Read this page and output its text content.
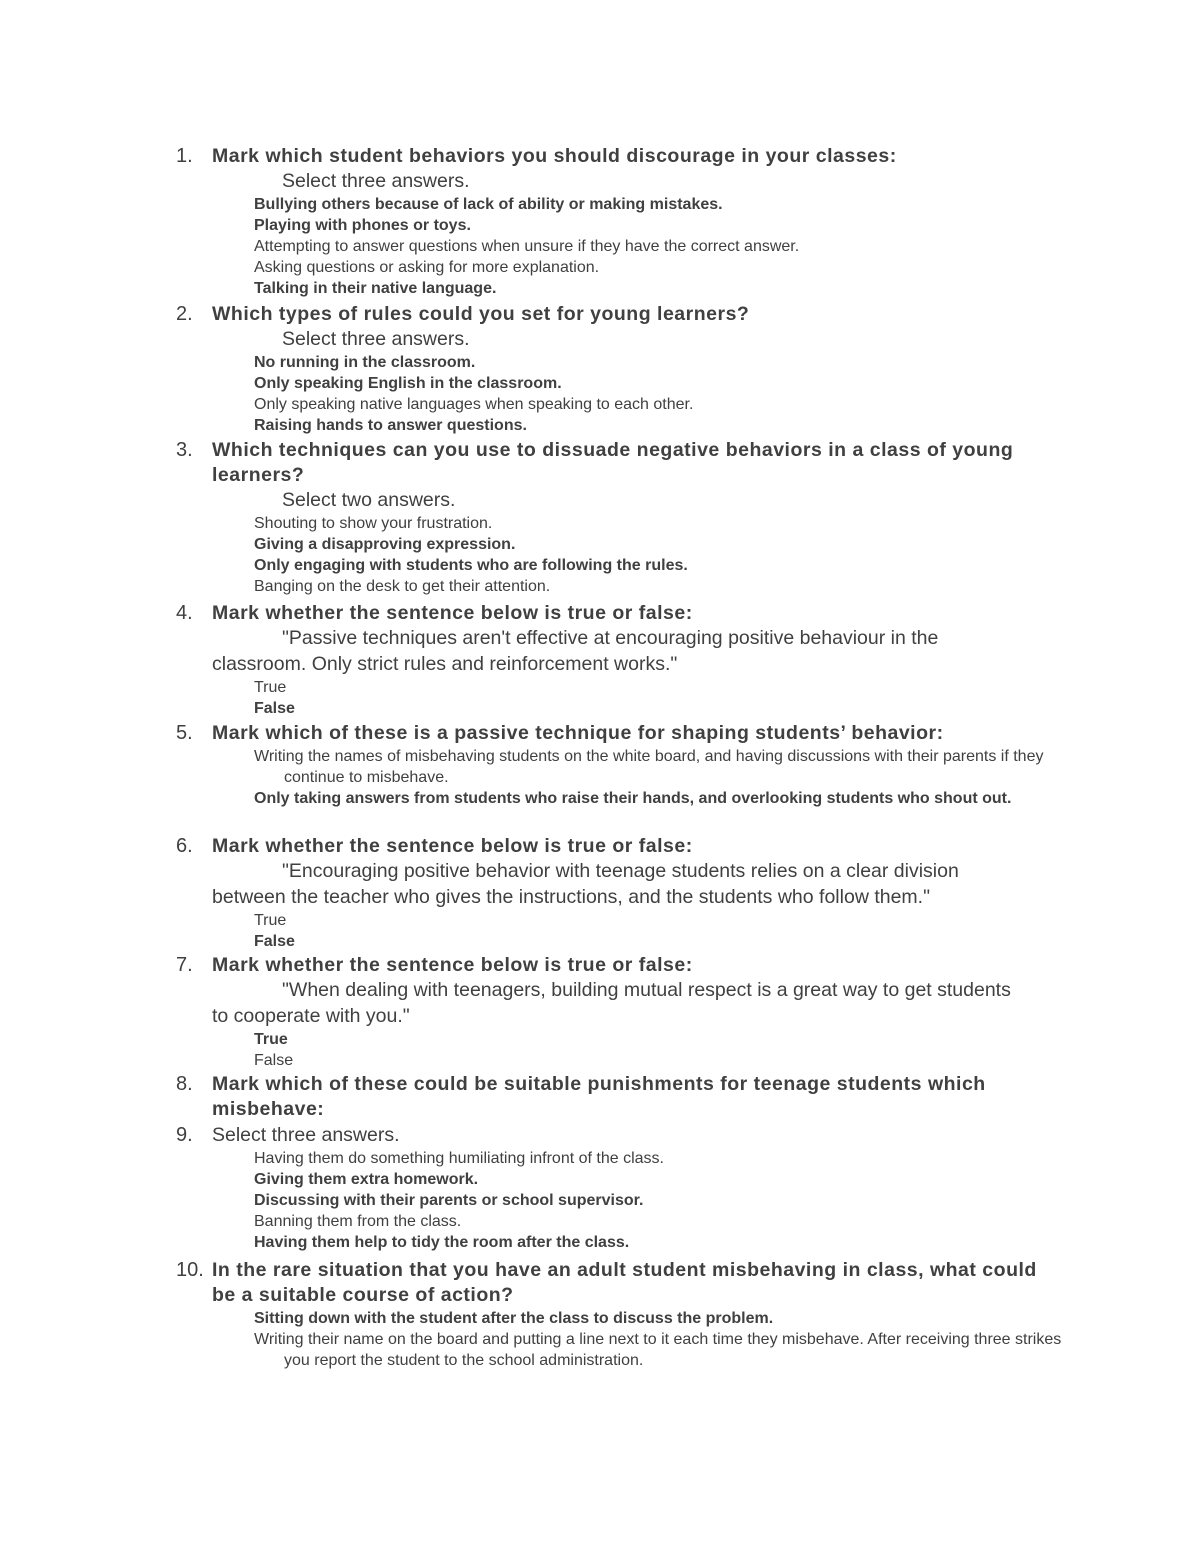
1. Mark which student behaviors you should discourage in your classes:
Select three answers.
Bullying others because of lack of ability or making mistakes.
Playing with phones or toys.
Attempting to answer questions when unsure if they have the correct answer.
Asking questions or asking for more explanation.
Talking in their native language.
2. Which types of rules could you set for young learners?
Select three answers.
No running in the classroom.
Only speaking English in the classroom.
Only speaking native languages when speaking to each other.
Raising hands to answer questions.
3. Which techniques can you use to dissuade negative behaviors in a class of young learners?
Select two answers.
Shouting to show your frustration.
Giving a disapproving expression.
Only engaging with students who are following the rules.
Banging on the desk to get their attention.
4. Mark whether the sentence below is true or false:
"Passive techniques aren't effective at encouraging positive behaviour in the classroom. Only strict rules and reinforcement works."
True
False
5. Mark which of these is a passive technique for shaping students’ behavior:
Writing the names of misbehaving students on the white board, and having discussions with their parents if they continue to misbehave.
Only taking answers from students who raise their hands, and overlooking students who shout out.
6. Mark whether the sentence below is true or false:
"Encouraging positive behavior with teenage students relies on a clear division between the teacher who gives the instructions, and the students who follow them."
True
False
7. Mark whether the sentence below is true or false:
"When dealing with teenagers, building mutual respect is a great way to get students to cooperate with you."
True
False
8. Mark which of these could be suitable punishments for teenage students which misbehave:
9. Select three answers.
Having them do something humiliating infront of the class.
Giving them extra homework.
Discussing with their parents or school supervisor.
Banning them from the class.
Having them help to tidy the room after the class.
10. In the rare situation that you have an adult student misbehaving in class, what could be a suitable course of action?
Sitting down with the student after the class to discuss the problem.
Writing their name on the board and putting a line next to it each time they misbehave. After receiving three strikes you report the student to the school administration.
